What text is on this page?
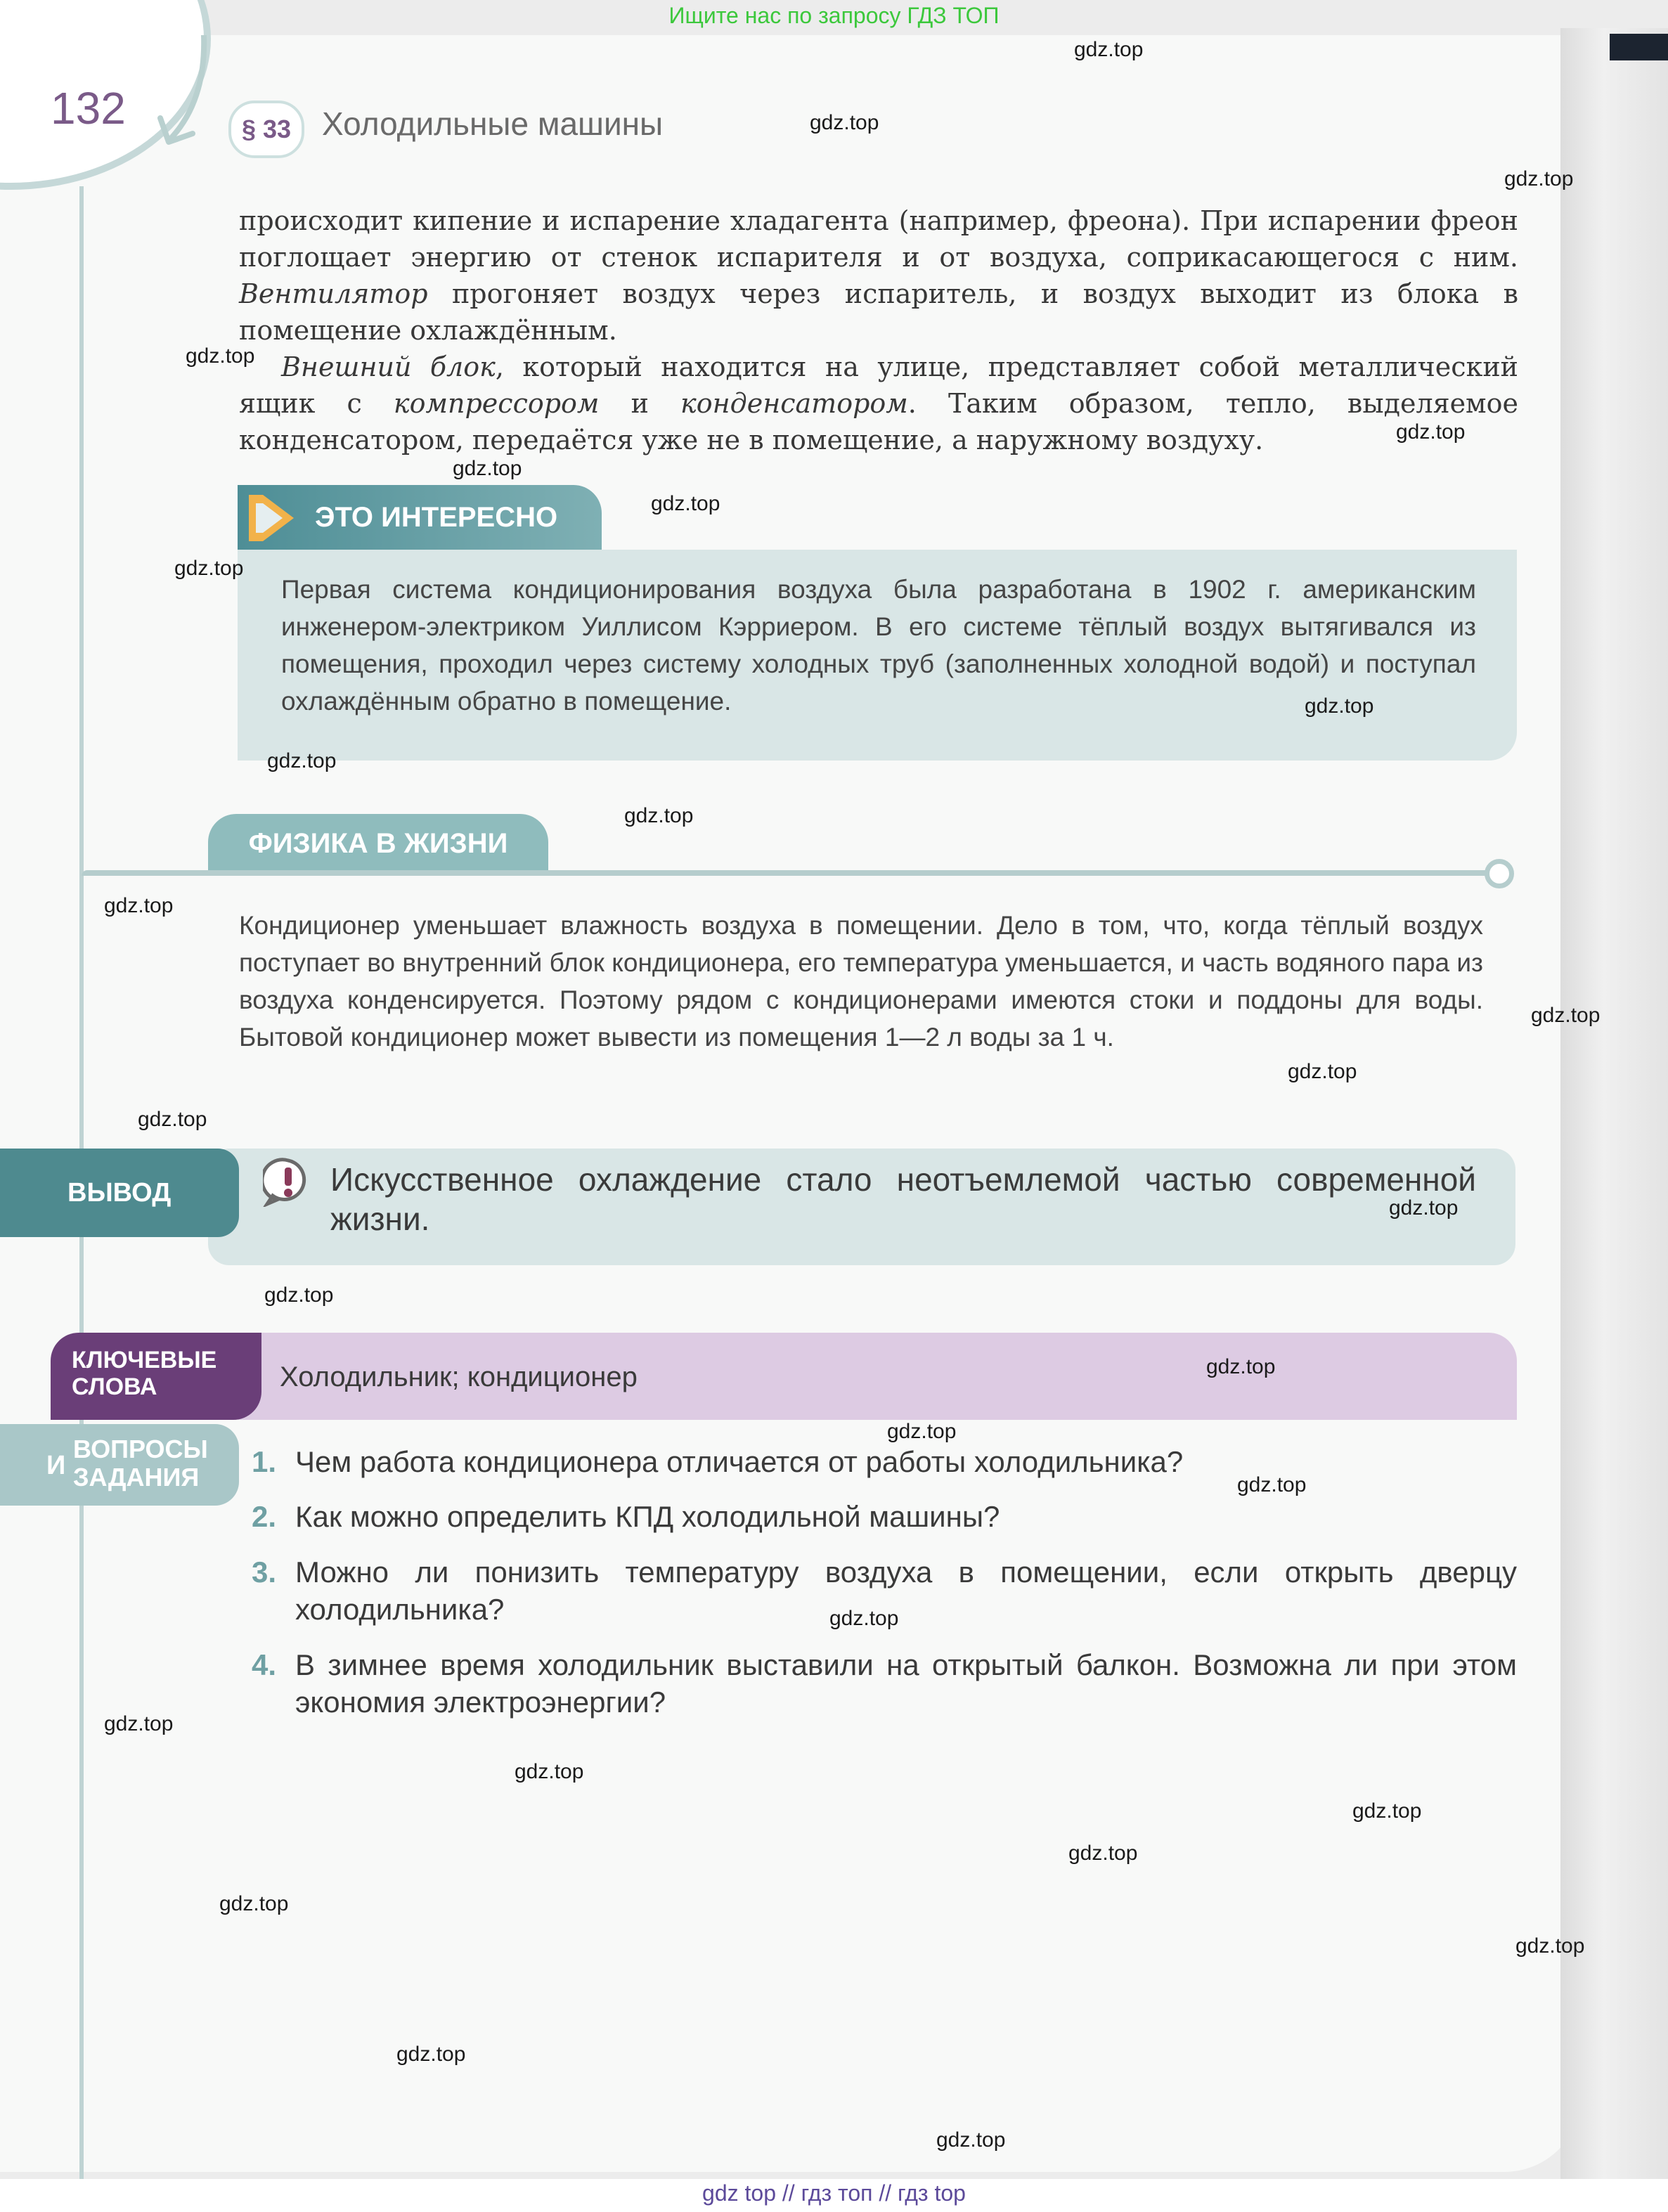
Ищите нас по запросу ГДЗ ТОП
132	§ 33 Холодильные машины

происходит кипение и испарение хладагента (например, фреона). При испарении фреон поглощает энергию от стенок испарителя и от воздуха, соприкасающегося с ним. Вентилятор прогоняет воздух через испаритель, и воздух выходит из блока в помещение охлаждённым.

Внешний блок, который находится на улице, представляет собой металлический ящик с компрессором и конденсатором. Таким образом, тепло, выделяемое конденсатором, передаётся уже не в помещение, а наружному воздуху.

ЭТО ИНТЕРЕСНО

Первая система кондиционирования воздуха была разработана в 1902 г. американским инженером-электриком Уиллисом Кэрриером. В его системе тёплый воздух вытягивался из помещения, проходил через систему холодных труб (заполненных холодной водой) и поступал охлаждённым обратно в помещение.

ФИЗИКА В ЖИЗНИ

Кондиционер уменьшает влажность воздуха в помещении. Дело в том, что, когда тёплый воздух поступает во внутренний блок кондиционера, его температура уменьшается, и часть водяного пара из воздуха конденсируется. Поэтому рядом с кондиционерами имеются стоки и поддоны для воды. Бытовой кондиционер может вывести из помещения 1—2 л воды за 1 ч.

ВЫВОД	Искусственное охлаждение стало неотъемлемой частью современной жизни.

КЛЮЧЕВЫЕ
СЛОВА	Холодильник; кондиционер
И
ВОПРОСЫ
ЗАДАНИЯ 1. Чем работа кондиционера отличается от работы холодильника?

2. Как можно определить КПД холодильной машины?

3. Можно ли понизить температуру воздуха в помещении, если открыть дверцу холодильника?

4. В зимнее время холодильник выставили на открытый балкон. Возможна ли при этом экономия электроэнергии?

gdz.top
gdz.top
gdz.top
gdz.top
gdz.top
gdz.top
gdz.top
gdz.top
gdz.top
gdz.top
gdz.top
gdz.top
gdz.top
gdz.top
gdz.top
gdz.top
gdz.top
gdz.top
gdz.top
gdz.top
gdz.top
gdz.top
gdz.top
gdz.top
gdz.top
gdz.top
gdz.top
gdz.top
gdz.top
gdz top // гдз топ // гдз top
